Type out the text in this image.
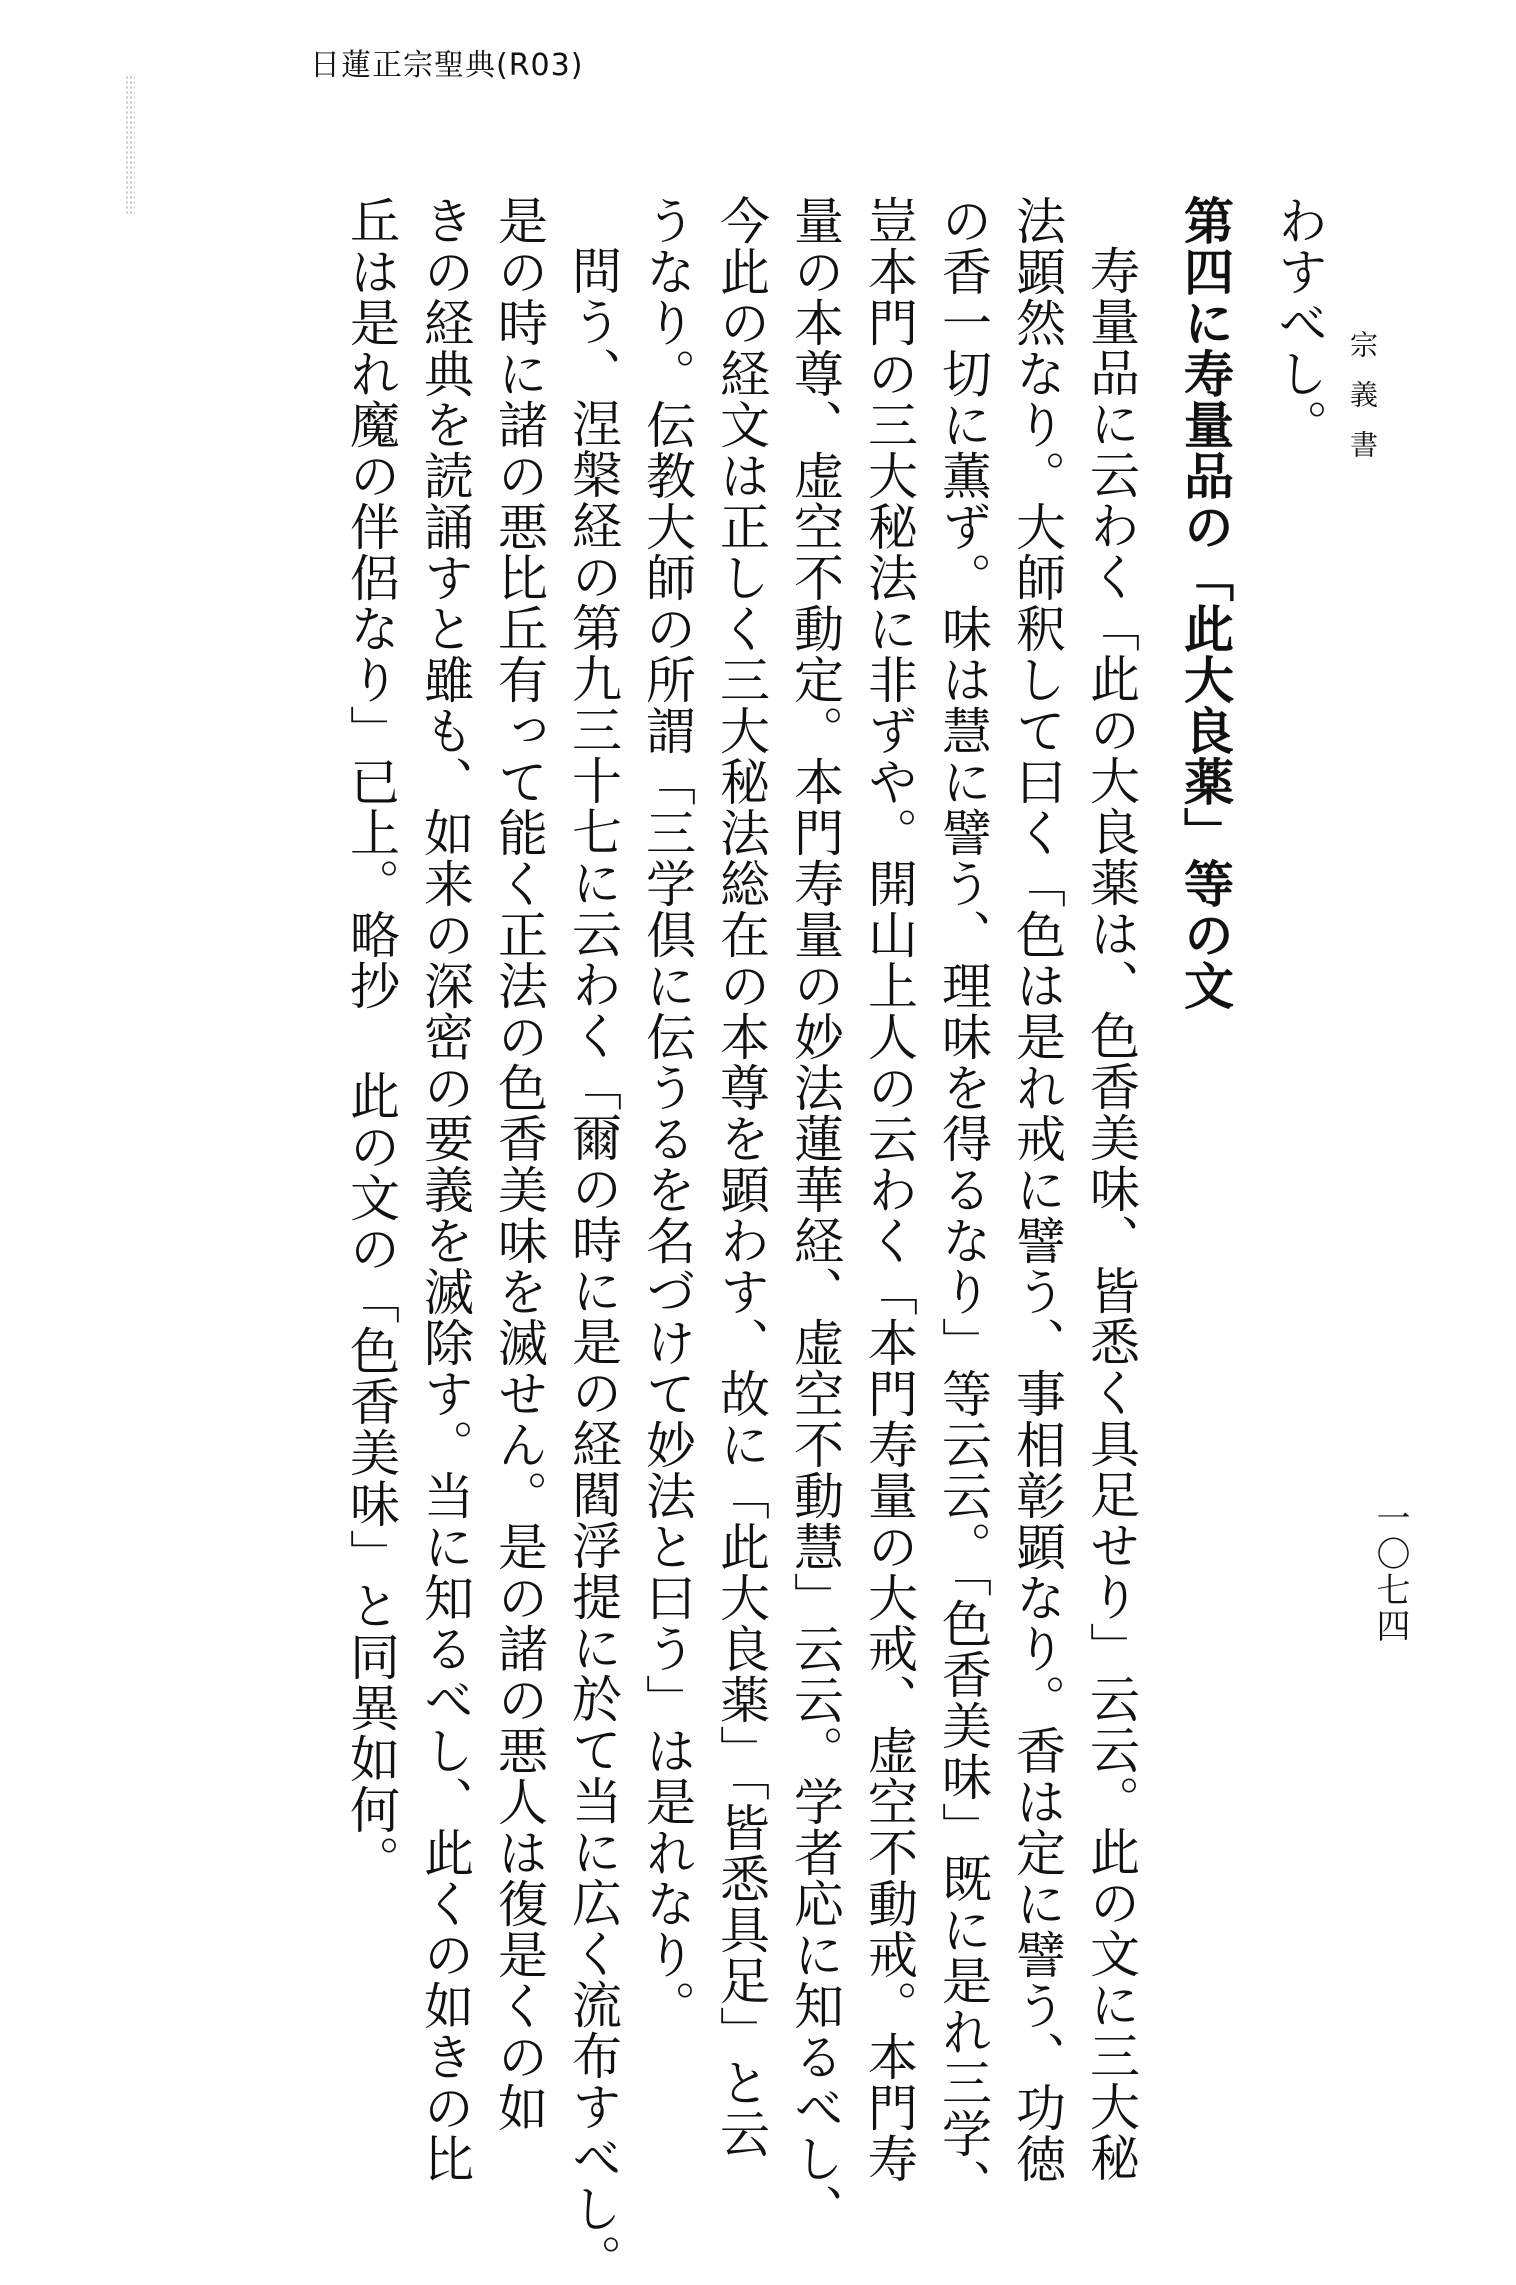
日蓮正宗聖典(R03)
宗義書
一〇七四
わすべし。
第四に寿量品の「此大良薬」等の文
寿量品に云わく「此の大良薬は、色香美味、皆悉く具足せり」云云。此の文に三大秘
法顕然なり。大師釈して曰く「色は是れ戒に譬う、事相彰顕なり。香は定に譬う、功徳
の香一切に薫ず。味は慧に譬う、理味を得るなり」等云云。「色香美味」既に是れ三学、
豈本門の三大秘法に非ずや。開山上人の云わく「本門寿量の大戒、虚空不動戒。本門寿
量の本尊、虚空不動定。本門寿量の妙法蓮華経、虚空不動慧」云云。学者応に知るべし、
今此の経文は正しく三大秘法総在の本尊を顕わす、故に「此大良薬」「皆悉具足」と云
うなり。伝教大師の所謂「三学倶に伝うるを名づけて妙法と曰う」は是れなり。
問う、涅槃経の第九三十七に云わく「爾の時に是の経閻浮提に於て当に広く流布すべし。
是の時に諸の悪比丘有って能く正法の色香美味を滅せん。是の諸の悪人は復是くの如
きの経典を読誦すと雖も、如来の深密の要義を滅除す。当に知るべし、此くの如きの比
丘は是れ魔の伴侶なり」已上。略抄 此の文の「色香美味」と同異如何。
